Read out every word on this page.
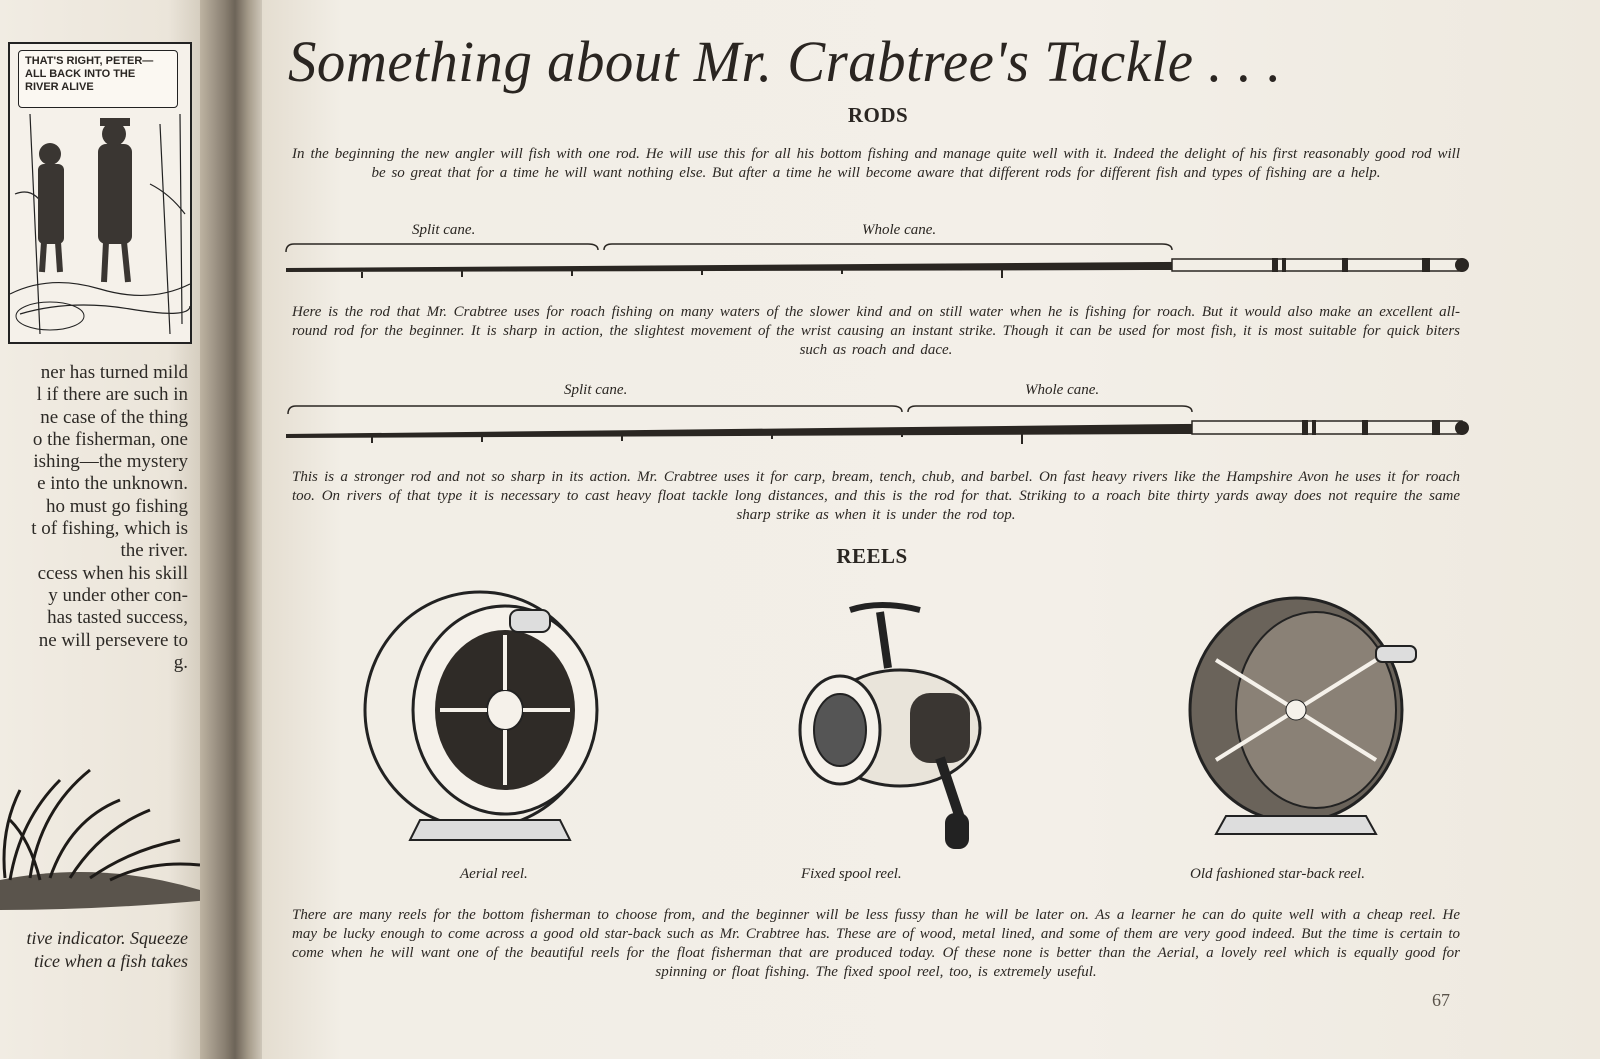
THAT'S RIGHT, PETER—
ALL BACK INTO THE
RIVER ALIVE
ner has turned mild
l if there are such in
ne case of the thing
o the fisherman, one
ishing—the mystery
e into the unknown.
ho must go fishing
t of fishing, which is
the river.
ccess when his skill
y under other con-
has tasted success,
ne will persevere to
g.
tive indicator. Squeeze
tice when a fish takes
Something about Mr. Crabtree's Tackle . . .
RODS
In the beginning the new angler will fish with one rod. He will use this for all his bottom fishing and manage quite well with it. Indeed the delight of his first reasonably good rod will be so great that for a time he will want nothing else. But after a time he will become aware that different rods for different fish and types of fishing are a help.
Split cane.	Whole cane.
Here is the rod that Mr. Crabtree uses for roach fishing on many waters of the slower kind and on still water when he is fishing for roach. But it would also make an excellent all-round rod for the beginner. It is sharp in action, the slightest movement of the wrist causing an instant strike. Though it can be used for most fish, it is most suitable for quick biters such as roach and dace.
Split cane.	Whole cane.
This is a stronger rod and not so sharp in its action. Mr. Crabtree uses it for carp, bream, tench, chub, and barbel. On fast heavy rivers like the Hampshire Avon he uses it for roach too. On rivers of that type it is necessary to cast heavy float tackle long distances, and this is the rod for that. Striking to a roach bite thirty yards away does not require the same sharp strike as when it is under the rod top.
REELS
Aerial reel.	Fixed spool reel.	Old fashioned star-back reel.
There are many reels for the bottom fisherman to choose from, and the beginner will be less fussy than he will be later on. As a learner he can do quite well with a cheap reel. He may be lucky enough to come across a good old star-back such as Mr. Crabtree has. These are of wood, metal lined, and some of them are very good indeed. But the time is certain to come when he will want one of the beautiful reels for the float fisherman that are produced today. Of these none is better than the Aerial, a lovely reel which is equally good for spinning or float fishing. The fixed spool reel, too, is extremely useful.
67
